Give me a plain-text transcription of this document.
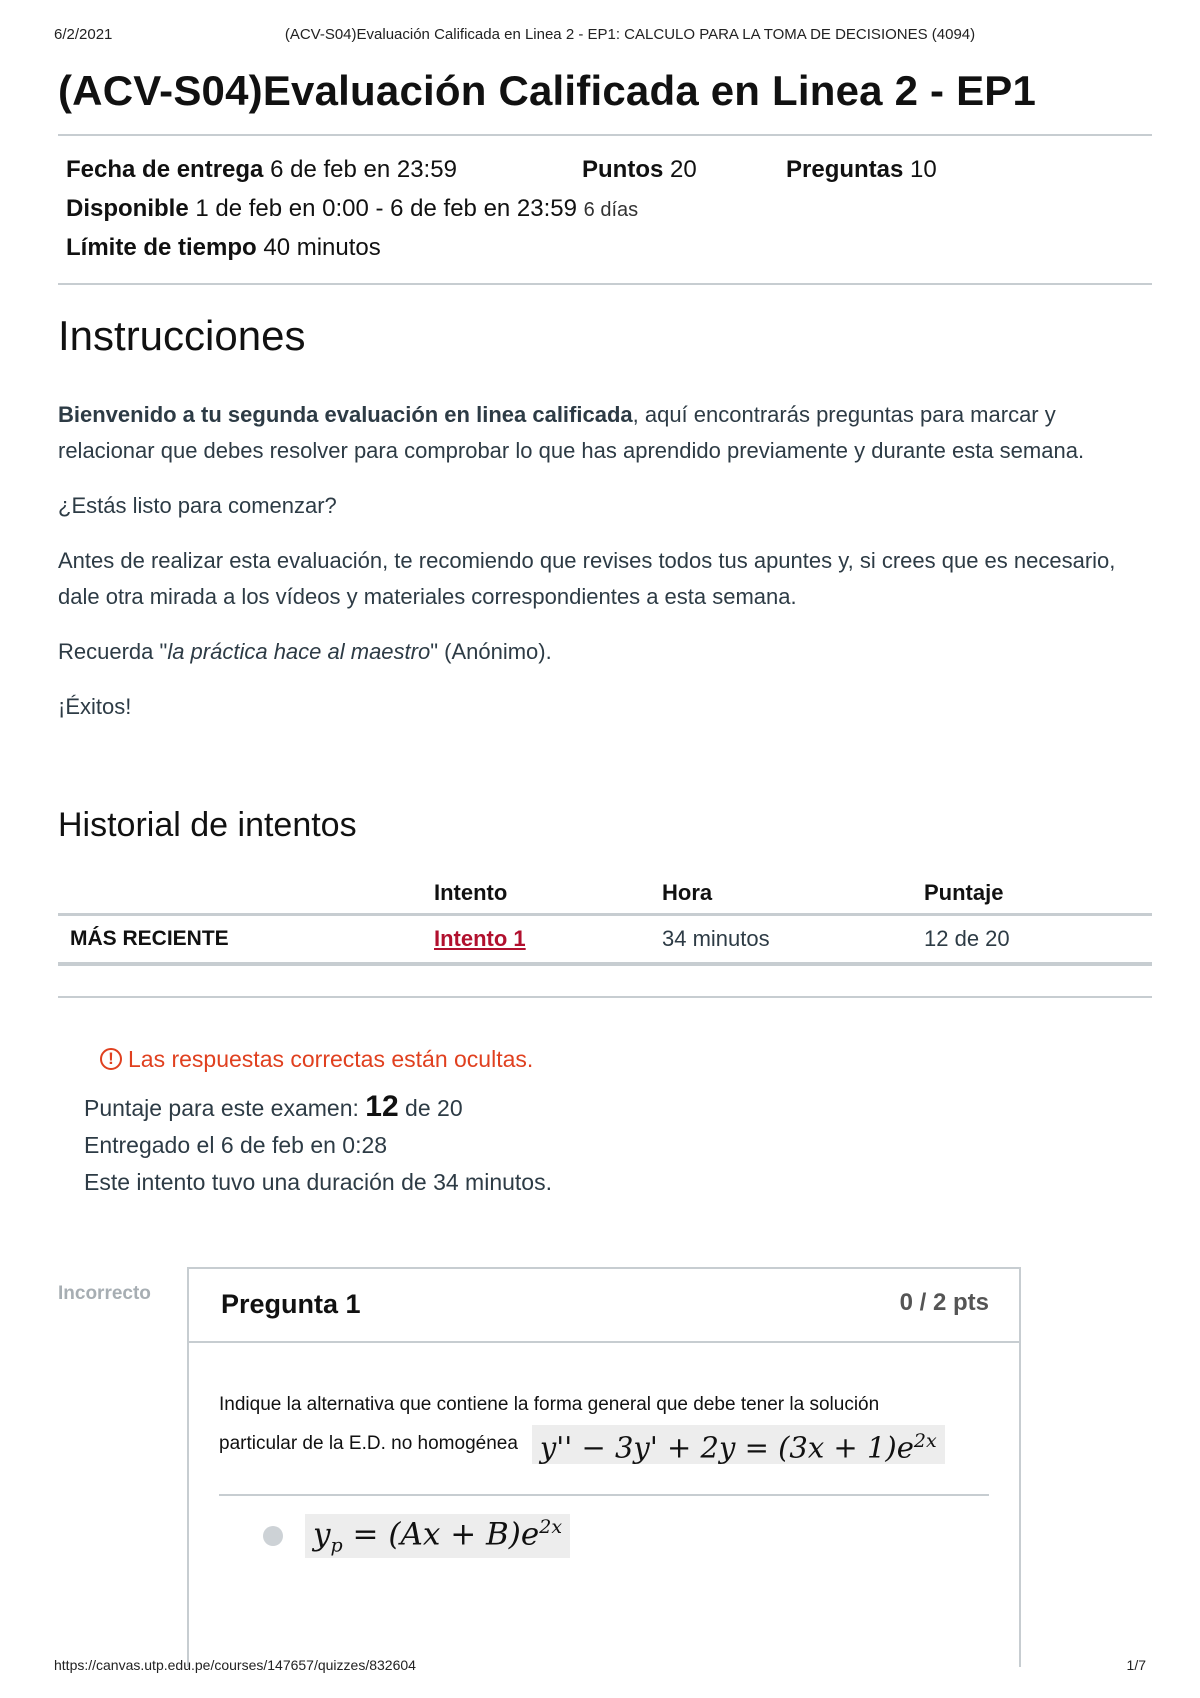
6/2/2021	(ACV-S04)Evaluación Calificada en Linea 2 - EP1: CALCULO PARA LA TOMA DE DECISIONES (4094)
(ACV-S04)Evaluación Calificada en Linea 2 - EP1
Fecha de entrega 6 de feb en 23:59	Puntos 20	Preguntas 10
Disponible 1 de feb en 0:00 - 6 de feb en 23:59 6 días
Límite de tiempo 40 minutos
Instrucciones

Bienvenido a tu segunda evaluación en linea calificada, aquí encontrarás preguntas para marcar y relacionar que debes resolver para comprobar lo que has aprendido previamente y durante esta semana.

¿Estás listo para comenzar?

Antes de realizar esta evaluación, te recomiendo que revises todos tus apuntes y, si crees que es necesario, dale otra mirada a los vídeos y materiales correspondientes a esta semana.

Recuerda "la práctica hace al maestro" (Anónimo).

¡Éxitos!

Historial de intentos
	Intento	Hora	Puntaje
MÁS RECIENTE	Intento 1	34 minutos	12 de 20
! Las respuestas correctas están ocultas.
Puntaje para este examen: 12 de 20
Entregado el 6 de feb en 0:28
Este intento tuvo una duración de 34 minutos.
Incorrecto	Pregunta 1	0 / 2 pts
Indique la alternativa que contiene la forma general que debe tener la solución
particular de la E.D. no homogénea $y'' - 3y' + 2y = (3x + 1)e^{2x}$
$y_p = (Ax + B)e^{2x}$
https://canvas.utp.edu.pe/courses/147657/quizzes/832604	1/7
